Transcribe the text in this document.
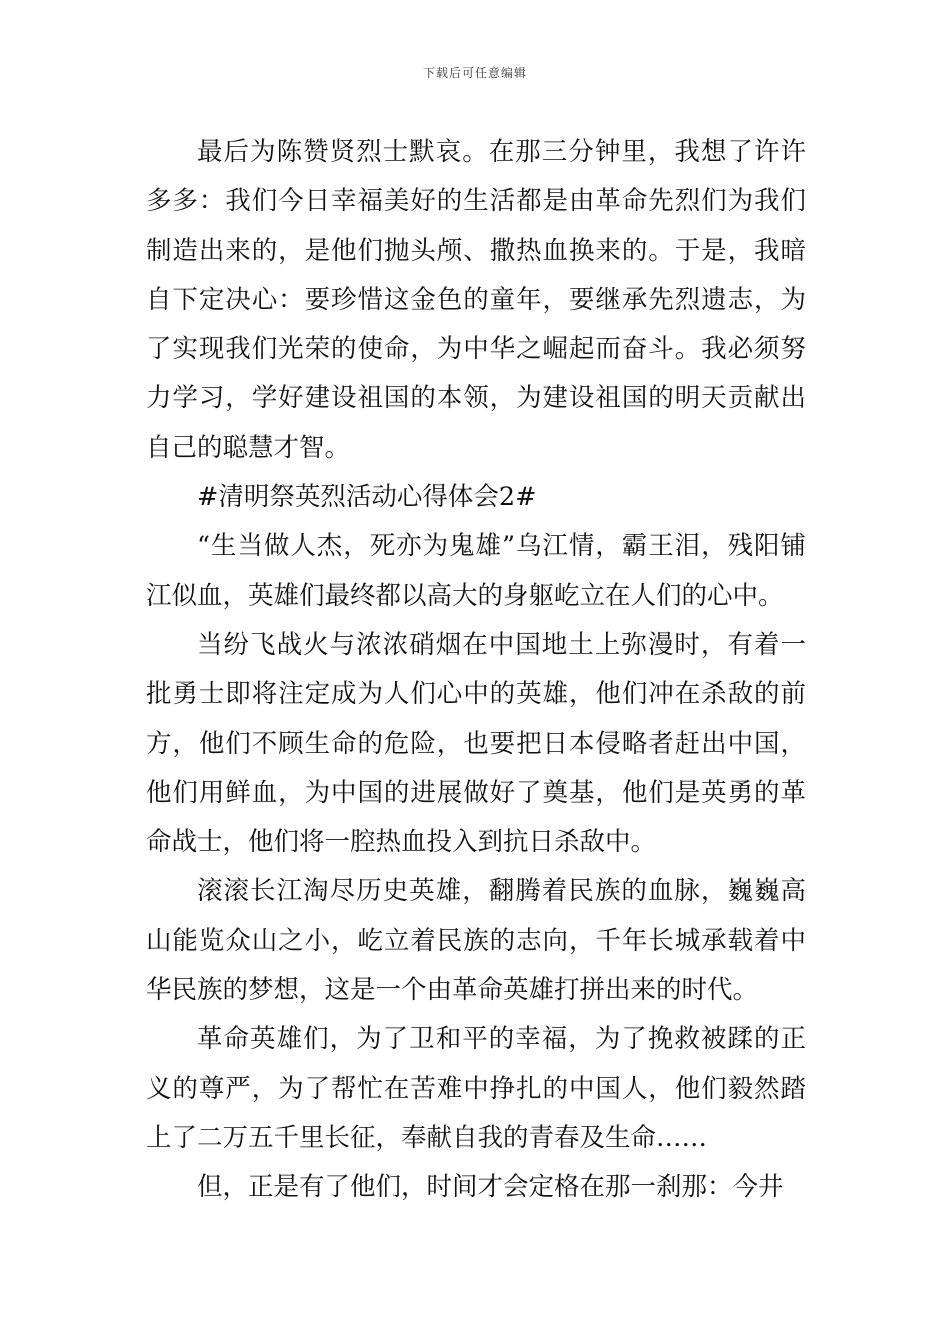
下载后可任意编辑

最后为陈赞贤烈士默哀。在那三分钟里，我想了许许多多：我们今日幸福美好的生活都是由革命先烈们为我们制造出来的，是他们抛头颅、撒热血换来的。于是，我暗自下定决心：要珍惜这金色的童年，要继承先烈遗志，为了实现我们光荣的使命，为中华之崛起而奋斗。我必须努力学习，学好建设祖国的本领，为建设祖国的明天贡献出自己的聪慧才智。

#清明祭英烈活动心得体会2#

“生当做人杰，死亦为鬼雄”乌江情，霸王泪，残阳铺江似血，英雄们最终都以高大的身躯屹立在人们的心中。

当纷飞战火与浓浓硝烟在中国地土上弥漫时，有着一批勇士即将注定成为人们心中的英雄，他们冲在杀敌的前方，他们不顾生命的危险，也要把日本侵略者赶出中国，他们用鲜血，为中国的进展做好了奠基，他们是英勇的革命战士，他们将一腔热血投入到抗日杀敌中。

滚滚长江淘尽历史英雄，翻腾着民族的血脉，巍巍高山能览众山之小，屹立着民族的志向，千年长城承载着中华民族的梦想，这是一个由革命英雄打拼出来的时代。

革命英雄们，为了卫和平的幸福，为了挽救被蹂的正义的尊严，为了帮忙在苦难中挣扎的中国人，他们毅然踏上了二万五千里长征，奉献自我的青春及生命……

但，正是有了他们，时间才会定格在那一刹那：今井
